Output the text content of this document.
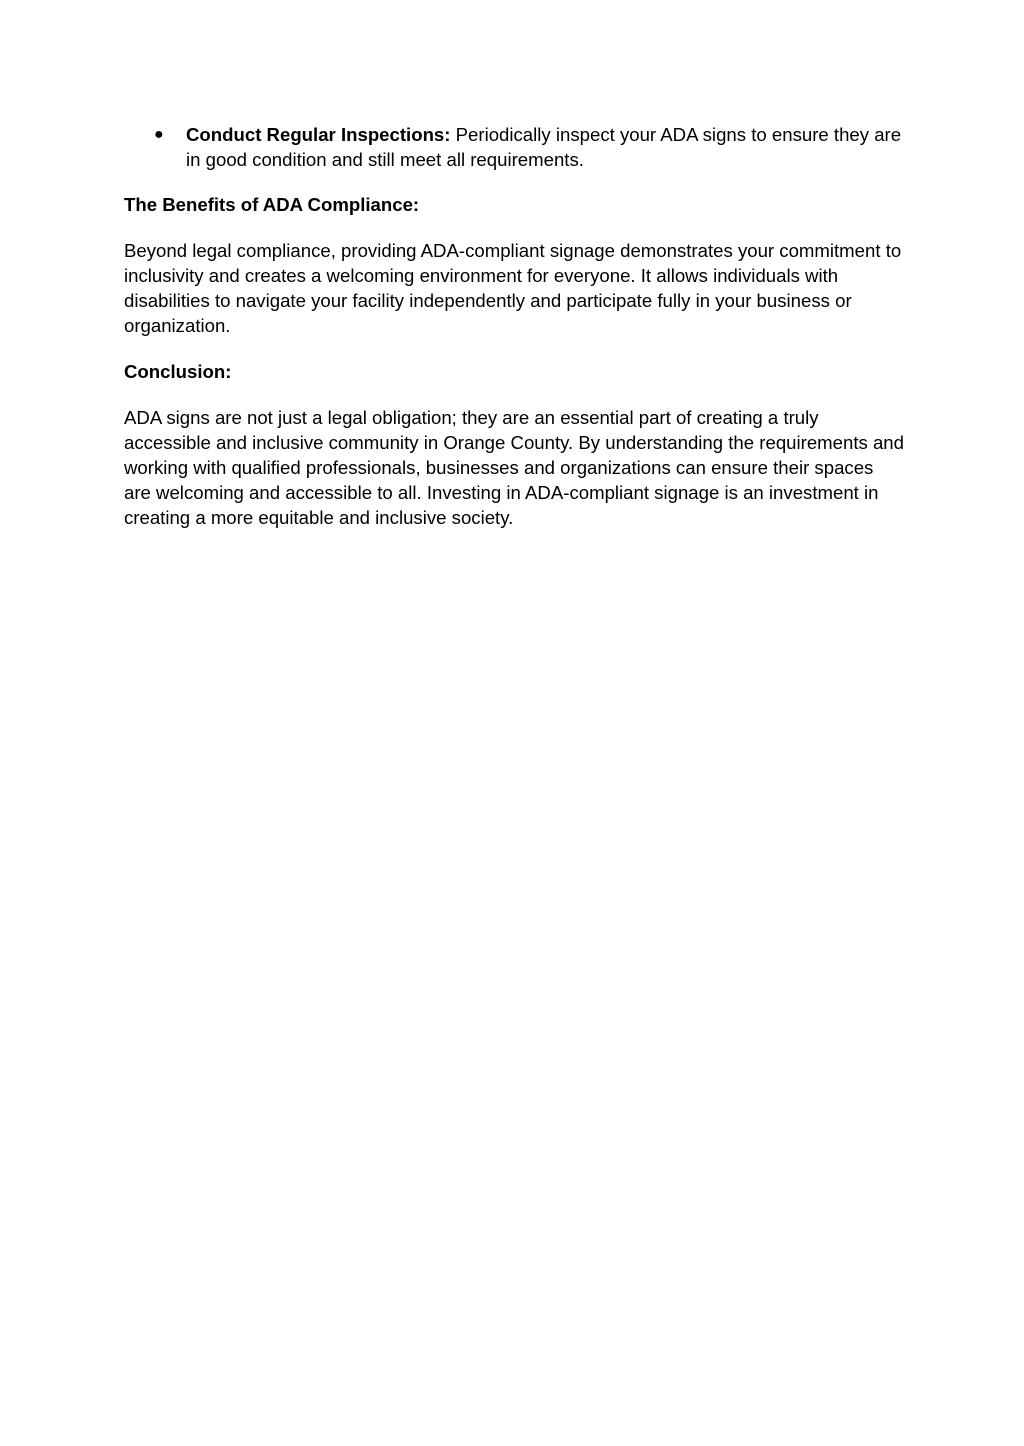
● Conduct Regular Inspections: Periodically inspect your ADA signs to ensure they are in good condition and still meet all requirements.
The Benefits of ADA Compliance:
Beyond legal compliance, providing ADA-compliant signage demonstrates your commitment to inclusivity and creates a welcoming environment for everyone. It allows individuals with disabilities to navigate your facility independently and participate fully in your business or organization.
Conclusion:
ADA signs are not just a legal obligation; they are an essential part of creating a truly accessible and inclusive community in Orange County. By understanding the requirements and working with qualified professionals, businesses and organizations can ensure their spaces are welcoming and accessible to all. Investing in ADA-compliant signage is an investment in creating a more equitable and inclusive society.
